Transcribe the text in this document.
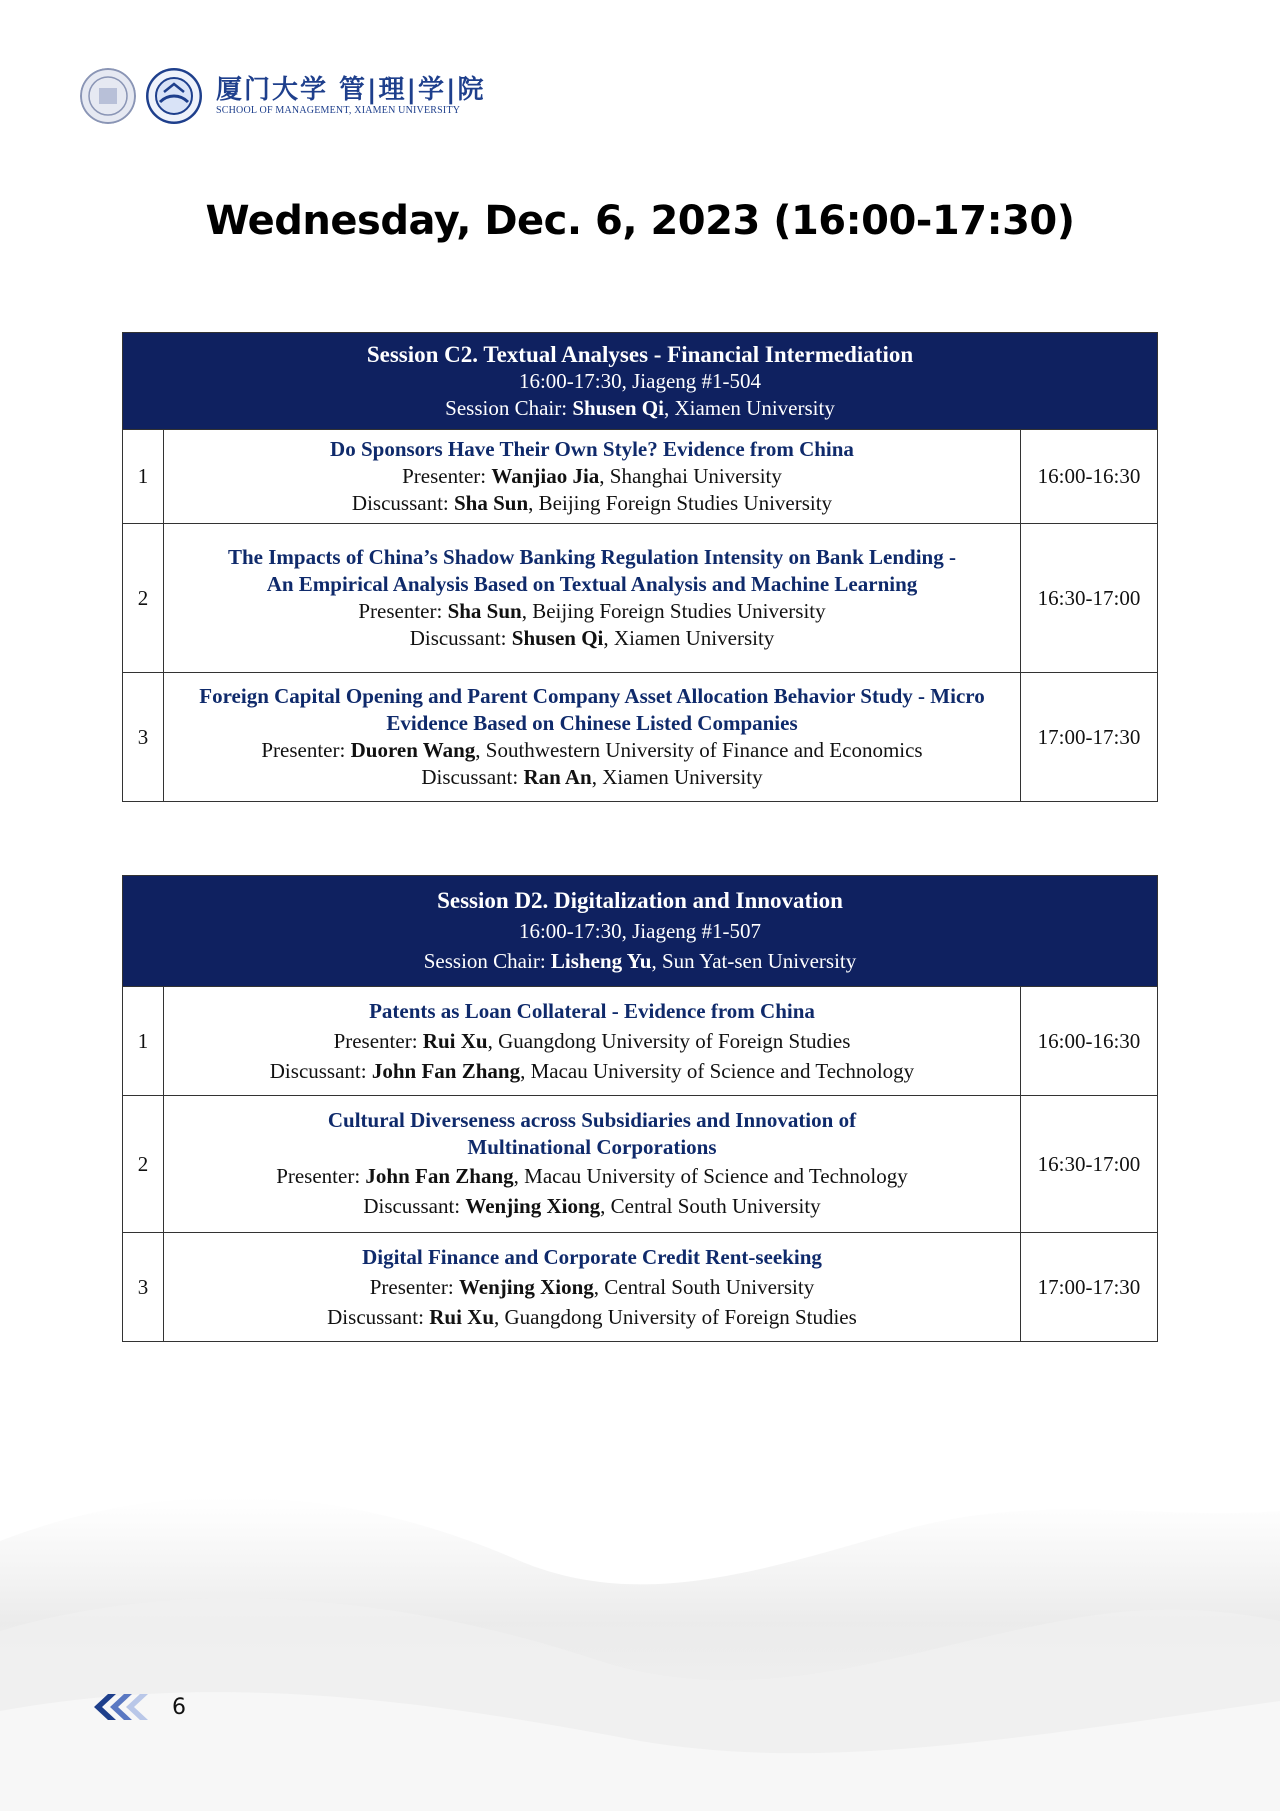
厦门大学 管|理|学|院
SCHOOL OF MANAGEMENT, XIAMEN UNIVERSITY
Wednesday, Dec. 6, 2023 (16:00-17:30)
Session C2. Textual Analyses - Financial Intermediation
16:00-17:30, Jiageng #1-504
Session Chair: Shusen Qi, Xiamen University		

1	Do Sponsors Have Their Own Style? Evidence from China
Presenter: Wanjiao Jia, Shanghai University
Discussant: Sha Sun, Beijing Foreign Studies University	16:00-16:30
2	The Impacts of China’s Shadow Banking Regulation Intensity on Bank Lending - An Empirical Analysis Based on Textual Analysis and Machine Learning
Presenter: Sha Sun, Beijing Foreign Studies University
Discussant: Shusen Qi, Xiamen University	16:30-17:00
3	Foreign Capital Opening and Parent Company Asset Allocation Behavior Study - Micro Evidence Based on Chinese Listed Companies
Presenter: Duoren Wang, Southwestern University of Finance and Economics
Discussant: Ran An, Xiamen University	17:00-17:30
Session D2. Digitalization and Innovation
16:00-17:30, Jiageng #1-507
Session Chair: Lisheng Yu, Sun Yat-sen University		

1	Patents as Loan Collateral - Evidence from China
Presenter: Rui Xu, Guangdong University of Foreign Studies
Discussant: John Fan Zhang, Macau University of Science and Technology	16:00-16:30
2	Cultural Diverseness across Subsidiaries and Innovation of Multinational Corporations
Presenter: John Fan Zhang, Macau University of Science and Technology
Discussant: Wenjing Xiong, Central South University	16:30-17:00
3	Digital Finance and Corporate Credit Rent-seeking
Presenter: Wenjing Xiong, Central South University
Discussant: Rui Xu, Guangdong University of Foreign Studies	17:00-17:30
6
